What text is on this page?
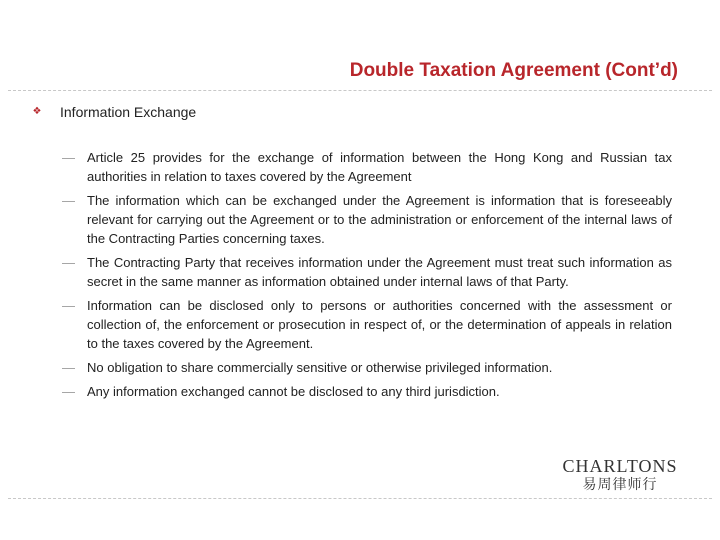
Double Taxation Agreement (Cont’d)
❖ Information Exchange
— Article 25 provides for the exchange of information between the Hong Kong and Russian tax authorities in relation to taxes covered by the Agreement
— The information which can be exchanged under the Agreement is information that is foreseeably relevant for carrying out the Agreement or to the administration or enforcement of the internal laws of the Contracting Parties concerning taxes.
— The Contracting Party that receives information under the Agreement must treat such information as secret in the same manner as information obtained under internal laws of that Party.
— Information can be disclosed only to persons or authorities concerned with the assessment or collection of, the enforcement or prosecution in respect of, or the determination of appeals in relation to the taxes covered by the Agreement.
— No obligation to share commercially sensitive or otherwise privileged information.
— Any information exchanged cannot be disclosed to any third jurisdiction.
CHARLTONS
易周律师行
